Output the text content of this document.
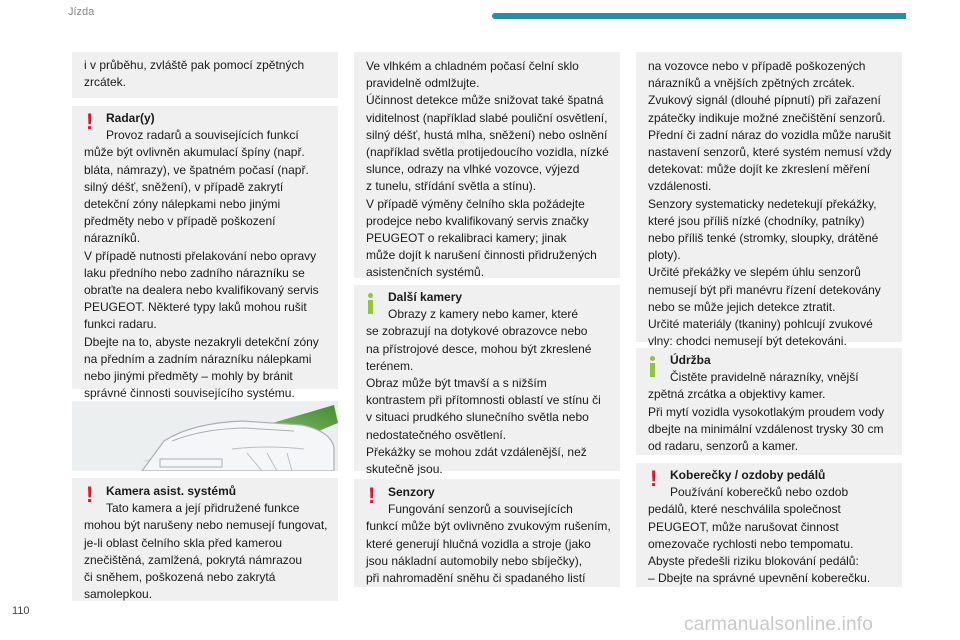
Jízda

i v průběhu, zvláště pak pomocí zpětných
zrcátek.

!	Radar(y)

Provoz radarů a souvisejících funkcí

může být ovlivněn akumulací špíny (např.
bláta, námrazy), ve špatném počasí (např.
silný déšť, sněžení), v případě zakrytí
detekční zóny nálepkami nebo jinými
předměty nebo v případě poškození
nárazníků.
V případě nutnosti přelakování nebo opravy
laku předního nebo zadního nárazníku se
obraťte na dealera nebo kvalifikovaný servis
PEUGEOT. Některé typy laků mohou rušit
funkci radaru.
Dbejte na to, abyste nezakryli detekční zóny
na předním a zadním nárazníku nálepkami
nebo jinými předměty – mohly by bránit
správné činnosti souvisejícího systému.

!	Kamera asist. systémů

Tato kamera a její přidružené funkce

mohou být narušeny nebo nemusejí fungovat,
je-li oblast čelního skla před kamerou
znečištěná, zamlžená, pokrytá námrazou
či sněhem, poškozená nebo zakrytá
samolepkou.

Ve vlhkém a chladném počasí čelní sklo
pravidelně odmlžujte.
Účinnost detekce může snižovat také špatná
viditelnost (například slabé pouliční osvětlení,
silný déšť, hustá mlha, sněžení) nebo oslnění
(například světla protijedoucího vozidla, nízké
slunce, odrazy na vlhké vozovce, výjezd
z tunelu, střídání světla a stínu).
V případě výměny čelního skla požádejte
prodejce nebo kvalifikovaný servis značky
PEUGEOT o rekalibraci kamery; jinak
může dojít k narušení činnosti přidružených
asistenčních systémů.

Další kamery

Obrazy z kamery nebo kamer, které

se zobrazují na dotykové obrazovce nebo
na přístrojové desce, mohou být zkreslené
terénem.
Obraz může být tmavší a s nižším
kontrastem při přítomnosti oblastí ve stínu či
v situaci prudkého slunečního světla nebo
nedostatečného osvětlení.
Překážky se mohou zdát vzdálenější, než
skutečně jsou.

!	Senzory

Fungování senzorů a souvisejících

funkcí může být ovlivněno zvukovým rušením,
které generují hlučná vozidla a stroje (jako
jsou nákladní automobily nebo sbíječky),
při nahromadění sněhu či spadaného listí

na vozovce nebo v případě poškozených
nárazníků a vnějších zpětných zrcátek.
Zvukový signál (dlouhé pípnutí) při zařazení
zpátečky indikuje možné znečištění senzorů.
Přední či zadní náraz do vozidla může narušit
nastavení senzorů, které systém nemusí vždy
detekovat: může dojít ke zkreslení měření
vzdálenosti.
Senzory systematicky nedetekují překážky,
které jsou příliš nízké (chodníky, patníky)
nebo příliš tenké (stromky, sloupky, drátěné
ploty).
Určité překážky ve slepém úhlu senzorů
nemusejí být při manévru řízení detekovány
nebo se může jejich detekce ztratit.
Určité materiály (tkaniny) pohlcují zvukové
vlny: chodci nemusejí být detekováni.

Údržba

Čistěte pravidelně nárazníky, vnější

zpětná zrcátka a objektivy kamer.
Při mytí vozidla vysokotlakým proudem vody
dbejte na minimální vzdálenost trysky 30 cm
od radaru, senzorů a kamer.

!	Koberečky / ozdoby pedálů

Používání koberečků nebo ozdob

pedálů, které neschválila společnost
PEUGEOT, může narušovat činnost
omezovače rychlosti nebo tempomatu.
Abyste předešli riziku blokování pedálů:
– Dbejte na správné upevnění koberečku.

110
carmanualsonline.info
